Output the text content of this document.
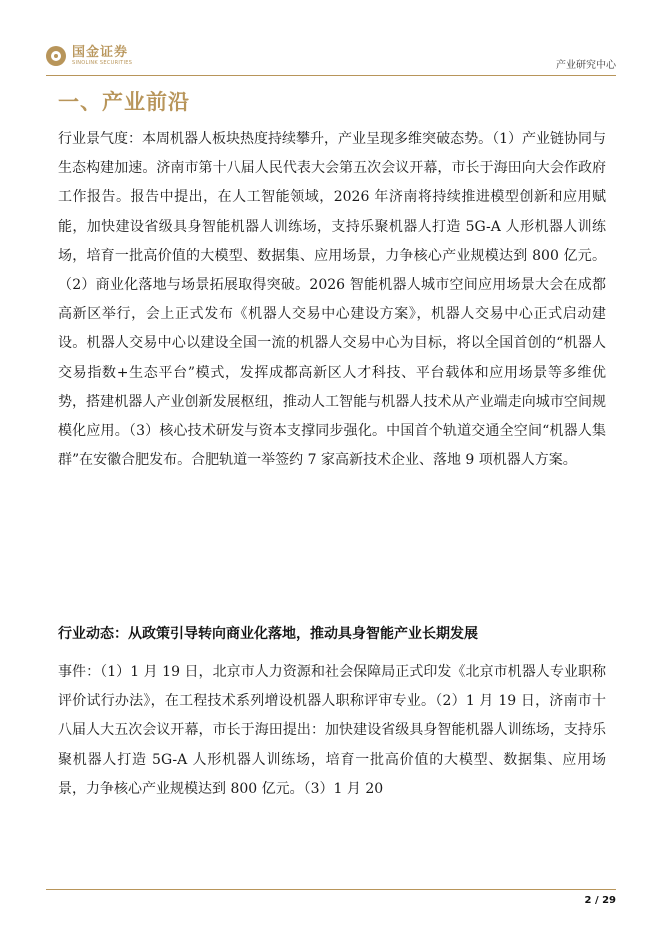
国金证券
SINOLINK SECURITIES	产业研究中心
一、产业前沿

行业景气度：本周机器人板块热度持续攀升，产业呈现多维突破态势。（1）产业链协同与生态构建加速。济南市第十八届人民代表大会第五次会议开幕，市长于海田向大会作政府工作报告。报告中提出，在人工智能领域，2026 年济南将持续推进模型创新和应用赋能，加快建设省级具身智能机器人训练场，支持乐聚机器人打造 5G-A 人形机器人训练场，培育一批高价值的大模型、数据集、应用场景，力争核心产业规模达到 800 亿元。（2）商业化落地与场景拓展取得突破。2026 智能机器人城市空间应用场景大会在成都高新区举行，会上正式发布《机器人交易中心建设方案》，机器人交易中心正式启动建设。机器人交易中心以建设全国一流的机器人交易中心为目标，将以全国首创的“机器人交易指数+生态平台”模式，发挥成都高新区人才科技、平台载体和应用场景等多维优势，搭建机器人产业创新发展枢纽，推动人工智能与机器人技术从产业端走向城市空间规模化应用。（3）核心技术研发与资本支撑同步强化。中国首个轨道交通全空间“机器人集群”在安徽合肥发布。合肥轨道一举签约 7 家高新技术企业、落地 9 项机器人方案。

行业动态：从政策引导转向商业化落地，推动具身智能产业长期发展

事件：（1）1 月 19 日，北京市人力资源和社会保障局正式印发《北京市机器人专业职称评价试行办法》，在工程技术系列增设机器人职称评审专业。（2）1 月 19 日，济南市十八届人大五次会议开幕，市长于海田提出：加快建设省级具身智能机器人训练场，支持乐聚机器人打造 5G-A 人形机器人训练场，培育一批高价值的大模型、数据集、应用场景，力争核心产业规模达到 800 亿元。（3）1 月 20

2 / 29
